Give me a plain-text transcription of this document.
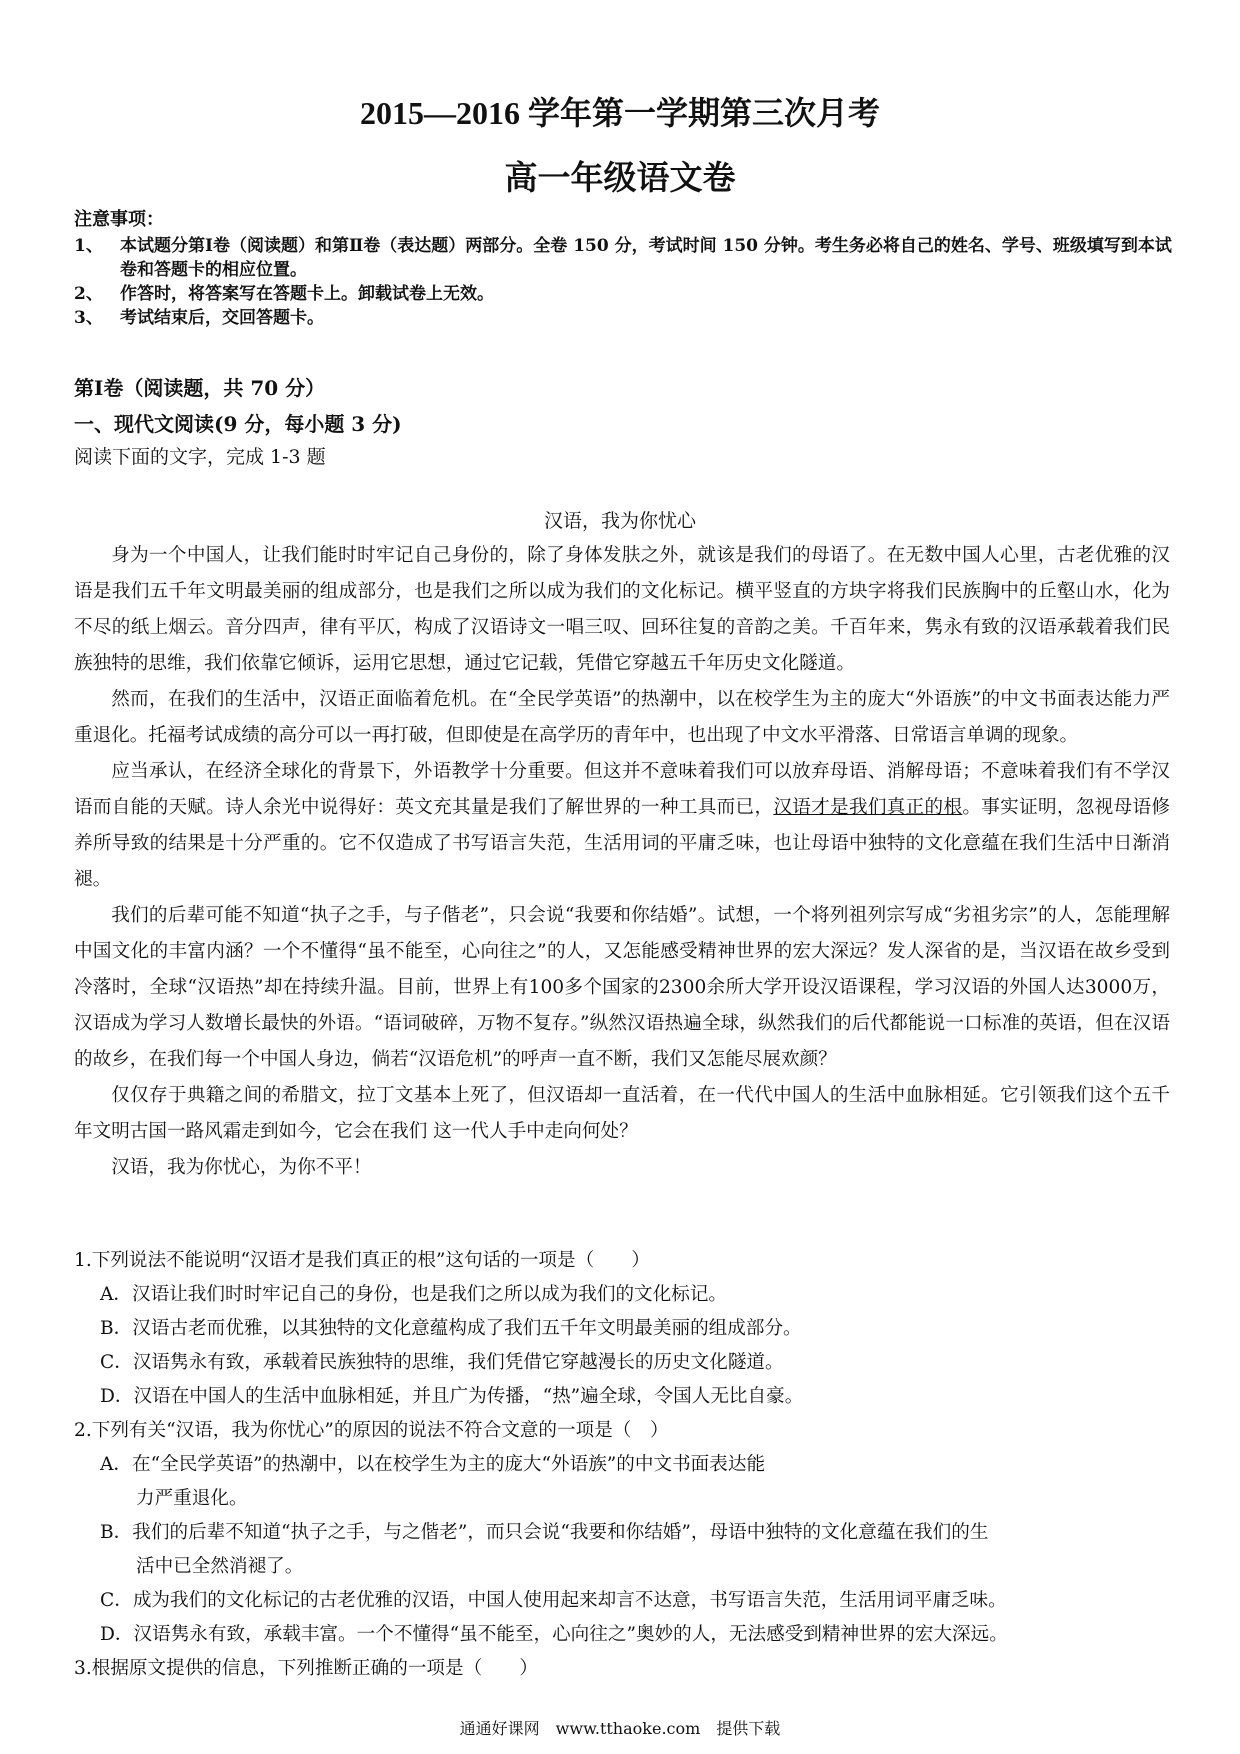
2015—2016 学年第一学期第三次月考
高一年级语文卷
注意事项：
1、	本试题分第Ⅰ卷（阅读题）和第Ⅱ卷（表达题）两部分。全卷 150 分，考试时间 150 分钟。考生务必将自己的姓名、学号、班级填写到本试卷和答题卡的相应位置。
2、	作答时，将答案写在答题卡上。卸载试卷上无效。
3、	考试结束后，交回答题卡。
第Ⅰ卷（阅读题，共 70 分）
一、现代文阅读(9 分，每小题 3 分)
阅读下面的文字，完成 1-3 题
汉语，我为你忧心

身为一个中国人，让我们能时时牢记自己身份的，除了身体发肤之外，就该是我们的母语了。在无数中国人心里，古老优雅的汉语是我们五千年文明最美丽的组成部分，也是我们之所以成为我们的文化标记。横平竖直的方块字将我们民族胸中的丘壑山水，化为不尽的纸上烟云。音分四声，律有平仄，构成了汉语诗文一唱三叹、回环往复的音韵之美。千百年来，隽永有致的汉语承载着我们民族独特的思维，我们依靠它倾诉，运用它思想，通过它记载，凭借它穿越五千年历史文化隧道。

然而，在我们的生活中，汉语正面临着危机。在“全民学英语”的热潮中，以在校学生为主的庞大“外语族”的中文书面表达能力严重退化。托福考试成绩的高分可以一再打破，但即使是在高学历的青年中，也出现了中文水平滑落、日常语言单调的现象。

应当承认，在经济全球化的背景下，外语教学十分重要。但这并不意味着我们可以放弃母语、消解母语；不意味着我们有不学汉语而自能的天赋。诗人余光中说得好：英文充其量是我们了解世界的一种工具而已，汉语才是我们真正的根。事实证明，忽视母语修养所导致的结果是十分严重的。它不仅造成了书写语言失范，生活用词的平庸乏味，也让母语中独特的文化意蕴在我们生活中日渐消褪。

我们的后辈可能不知道“执子之手，与子偕老”，只会说“我要和你结婚”。试想，一个将列祖列宗写成“劣祖劣宗”的人，怎能理解中国文化的丰富内涵？一个不懂得“虽不能至，心向往之”的人，又怎能感受精神世界的宏大深远？发人深省的是，当汉语在故乡受到冷落时，全球“汉语热”却在持续升温。目前，世界上有100多个国家的2300余所大学开设汉语课程，学习汉语的外国人达3000万，汉语成为学习人数增长最快的外语。“语词破碎，万物不复存。”纵然汉语热遍全球，纵然我们的后代都能说一口标准的英语，但在汉语的故乡，在我们每一个中国人身边，倘若“汉语危机”的呼声一直不断，我们又怎能尽展欢颜？

仅仅存于典籍之间的希腊文，拉丁文基本上死了，但汉语却一直活着，在一代代中国人的生活中血脉相延。它引领我们这个五千年文明古国一路风霜走到如今，它会在我们 这一代人手中走向何处？

汉语，我为你忧心，为你不平！

1.下列说法不能说明“汉语才是我们真正的根”这句话的一项是（　　）
A．汉语让我们时时牢记自己的身份，也是我们之所以成为我们的文化标记。
B．汉语古老而优雅，以其独特的文化意蕴构成了我们五千年文明最美丽的组成部分。
C．汉语隽永有致，承载着民族独特的思维，我们凭借它穿越漫长的历史文化隧道。
D．汉语在中国人的生活中血脉相延，并且广为传播，“热”遍全球，令国人无比自豪。
2.下列有关“汉语，我为你忧心”的原因的说法不符合文意的一项是（　）
A．在“全民学英语”的热潮中，以在校学生为主的庞大“外语族”的中文书面表达能
力严重退化。
B．我们的后辈不知道“执子之手，与之偕老”，而只会说“我要和你结婚”，母语中独特的文化意蕴在我们的生
活中已全然消褪了。
C．成为我们的文化标记的古老优雅的汉语，中国人使用起来却言不达意，书写语言失范，生活用词平庸乏味。
D．汉语隽永有致，承载丰富。一个不懂得“虽不能至，心向往之”奥妙的人，无法感受到精神世界的宏大深远。
3.根据原文提供的信息，下列推断正确的一项是（　　）
通通好课网　www.tthaoke.com　提供下载
